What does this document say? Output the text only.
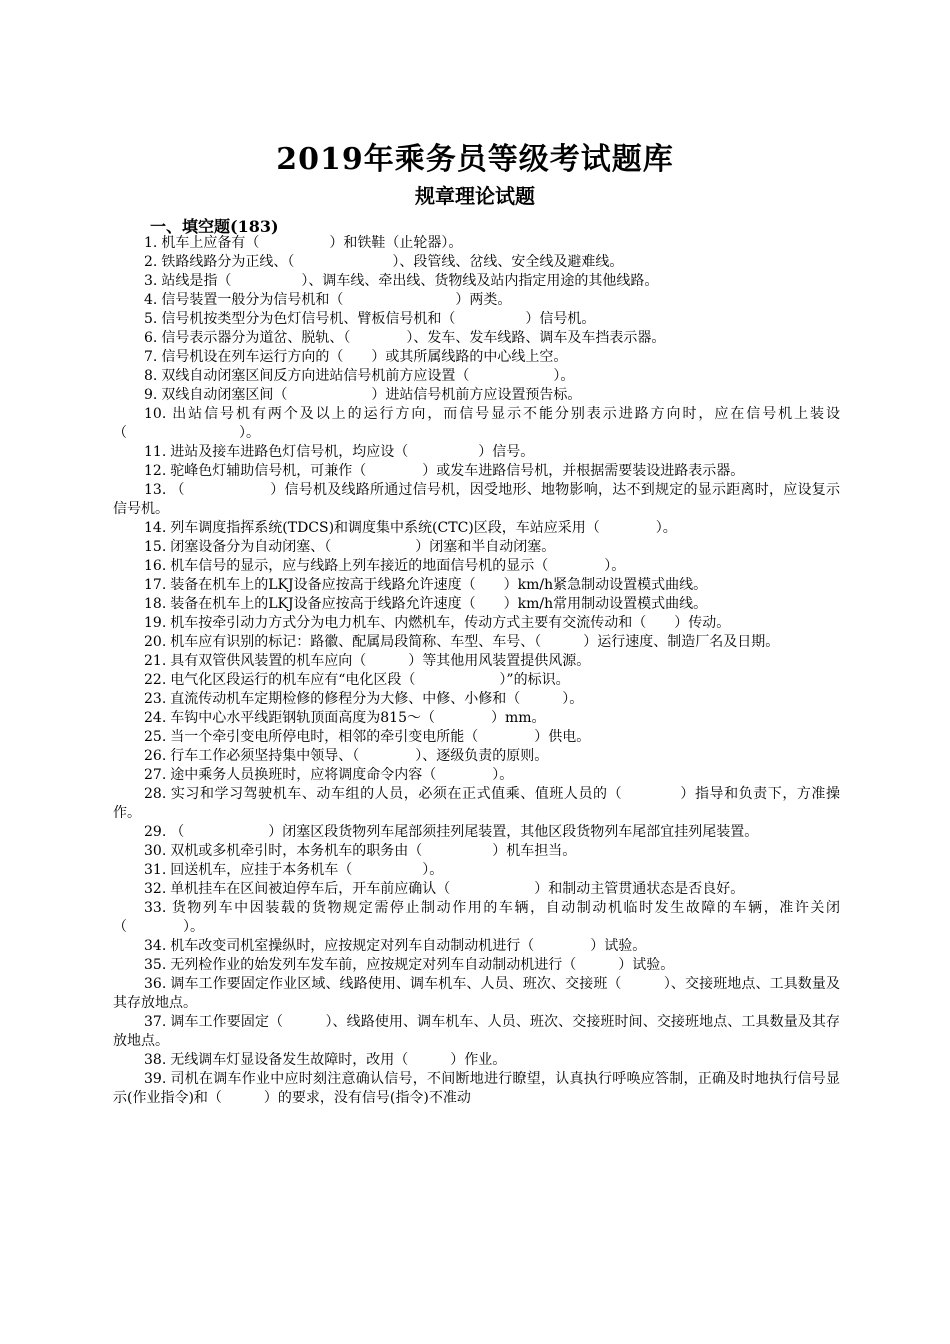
2019年乘务员等级考试题库
规章理论试题
一、填空题(183)
1. 机车上应备有（　　　　　）和铁鞋（止轮器）。
2. 铁路线路分为正线、（　　　　　　　）、段管线、岔线、安全线及避难线。
3. 站线是指（　　　　　）、调车线、牵出线、货物线及站内指定用途的其他线路。
4. 信号装置一般分为信号机和（　　　　　　　　）两类。
5. 信号机按类型分为色灯信号机、臂板信号机和（　　　　　）信号机。
6. 信号表示器分为道岔、脱轨、（　　　　）、发车、发车线路、调车及车挡表示器。
7. 信号机设在列车运行方向的（　　）或其所属线路的中心线上空。
8. 双线自动闭塞区间反方向进站信号机前方应设置（　　　　　　）。
9. 双线自动闭塞区间（　　　　　　）进站信号机前方应设置预告标。
10. 出站信号机有两个及以上的运行方向，而信号显示不能分别表示进路方向时，应在信号机上装设（　　　　　　　　）。
11. 进站及接车进路色灯信号机，均应设（　　　　　）信号。
12. 驼峰色灯辅助信号机，可兼作（　　　　）或发车进路信号机，并根据需要装设进路表示器。
13. （　　　　　　）信号机及线路所通过信号机，因受地形、地物影响，达不到规定的显示距离时，应设复示信号机。
14. 列车调度指挥系统(TDCS)和调度集中系统(CTC)区段，车站应采用（　　　　）。
15. 闭塞设备分为自动闭塞、（　　　　　　）闭塞和半自动闭塞。
16. 机车信号的显示，应与线路上列车接近的地面信号机的显示（　　　　）。
17. 装备在机车上的LKJ设备应按高于线路允许速度（　　）km/h紧急制动设置模式曲线。
18. 装备在机车上的LKJ设备应按高于线路允许速度（　　）km/h常用制动设置模式曲线。
19. 机车按牵引动力方式分为电力机车、内燃机车，传动方式主要有交流传动和（　　）传动。
20. 机车应有识别的标记：路徽、配属局段简称、车型、车号、（　　　）运行速度、制造厂名及日期。
21. 具有双管供风装置的机车应向（　　　）等其他用风装置提供风源。
22. 电气化区段运行的机车应有“电化区段（　　　　　　）”的标识。
23. 直流传动机车定期检修的修程分为大修、中修、小修和（　　　）。
24. 车钩中心水平线距钢轨顶面高度为815～（　　　　）mm。
25. 当一个牵引变电所停电时，相邻的牵引变电所能（　　　　）供电。
26. 行车工作必须坚持集中领导、（　　　　）、逐级负责的原则。
27. 途中乘务人员换班时，应将调度命令内容（　　　　）。
28. 实习和学习驾驶机车、动车组的人员，必须在正式值乘、值班人员的（　　　　）指导和负责下，方准操作。
29. （　　　　　　）闭塞区段货物列车尾部须挂列尾装置，其他区段货物列车尾部宜挂列尾装置。
30. 双机或多机牵引时，本务机车的职务由（　　　　　）机车担当。
31. 回送机车，应挂于本务机车（　　　　　）。
32. 单机挂车在区间被迫停车后，开车前应确认（　　　　　　）和制动主管贯通状态是否良好。
33. 货物列车中因装载的货物规定需停止制动作用的车辆，自动制动机临时发生故障的车辆，准许关闭（　　　　）。
34. 机车改变司机室操纵时，应按规定对列车自动制动机进行（　　　　）试验。
35. 无列检作业的始发列车发车前，应按规定对列车自动制动机进行（　　　）试验。
36. 调车工作要固定作业区域、线路使用、调车机车、人员、班次、交接班（　　　）、交接班地点、工具数量及其存放地点。
37. 调车工作要固定（　　　）、线路使用、调车机车、人员、班次、交接班时间、交接班地点、工具数量及其存放地点。
38. 无线调车灯显设备发生故障时，改用（　　　）作业。
39. 司机在调车作业中应时刻注意确认信号，不间断地进行瞭望，认真执行呼唤应答制，正确及时地执行信号显示(作业指令)和（　　　）的要求，没有信号(指令)不准动
